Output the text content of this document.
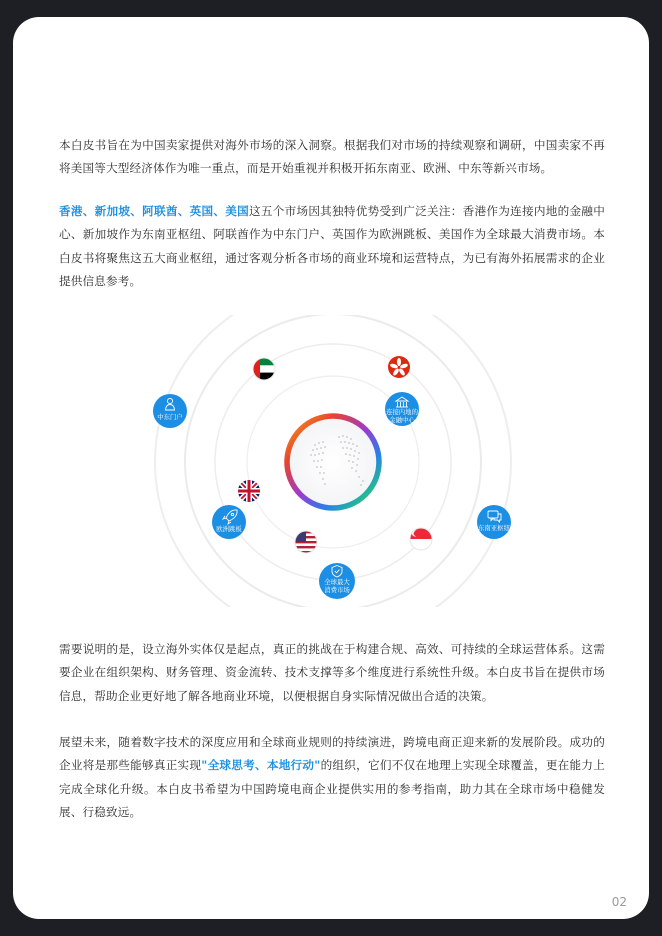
本白皮书旨在为中国卖家提供对海外市场的深入洞察。根据我们对市场的持续观察和调研，中国卖家不再将美国等大型经济体作为唯一重点，而是开始重视并积极开拓东南亚、欧洲、中东等新兴市场。

香港、新加坡、阿联酋、英国、美国这五个市场因其独特优势受到广泛关注：香港作为连接内地的金融中心、新加坡作为东南亚枢纽、阿联酋作为中东门户、英国作为欧洲跳板、美国作为全球最大消费市场。本白皮书将聚焦这五大商业枢纽，通过客观分析各市场的商业环境和运营特点，为已有海外拓展需求的企业提供信息参考。

中东门户
连接内地的
金融中心
欧洲跳板	东南亚枢纽
全球最大
消费市场

需要说明的是，设立海外实体仅是起点，真正的挑战在于构建合规、高效、可持续的全球运营体系。这需要企业在组织架构、财务管理、资金流转、技术支撑等多个维度进行系统性升级。本白皮书旨在提供市场信息，帮助企业更好地了解各地商业环境，以便根据自身实际情况做出合适的决策。

展望未来，随着数字技术的深度应用和全球商业规则的持续演进，跨境电商正迎来新的发展阶段。成功的企业将是那些能够真正实现"全球思考、本地行动"的组织，它们不仅在地理上实现全球覆盖，更在能力上完成全球化升级。本白皮书希望为中国跨境电商企业提供实用的参考指南，助力其在全球市场中稳健发展、行稳致远。

02
